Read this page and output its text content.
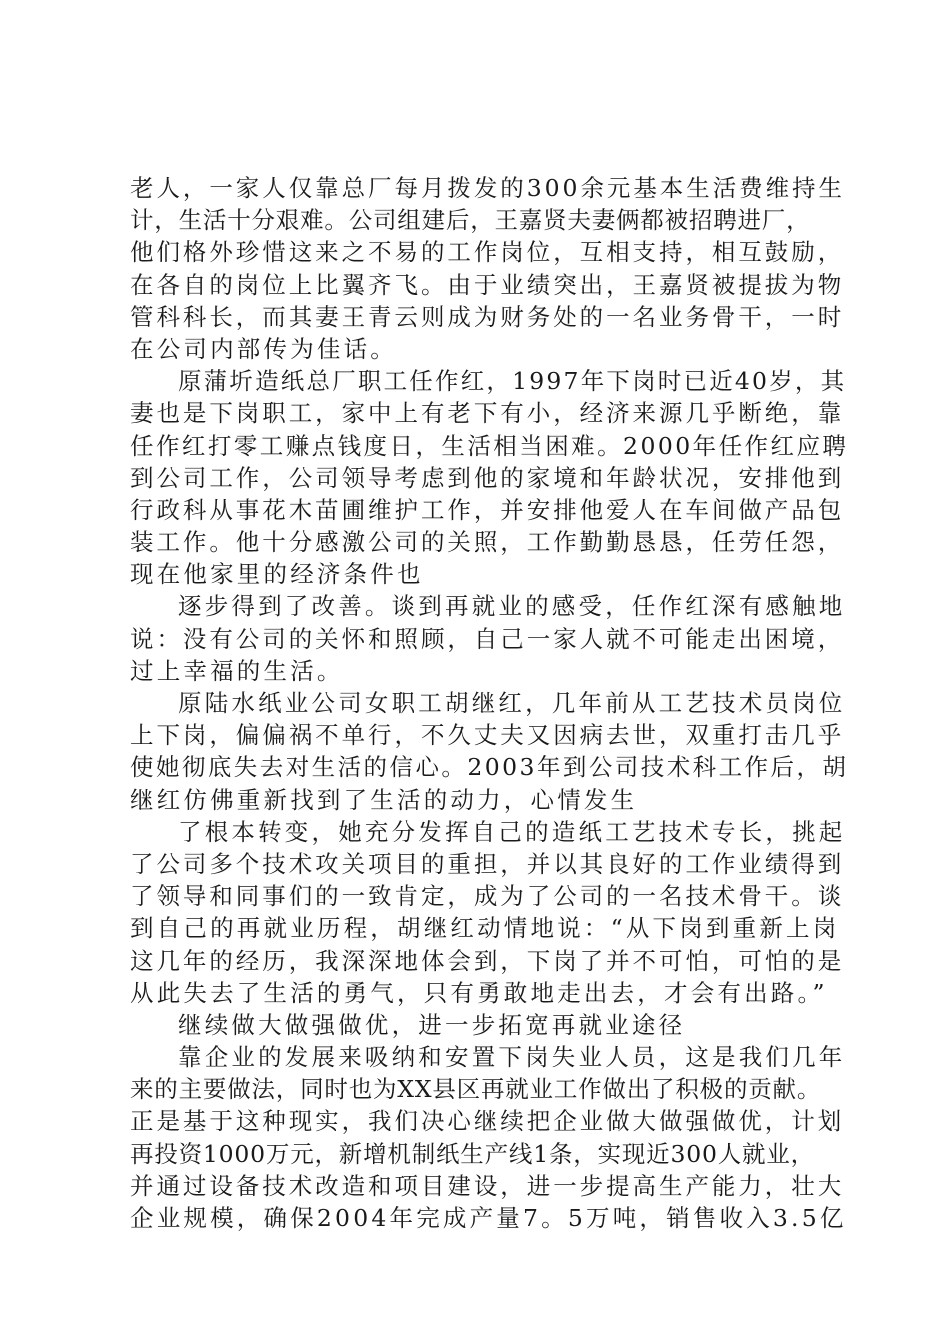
老人，一家人仅靠总厂每月拨发的300余元基本生活费维持生
计，生活十分艰难。公司组建后，王嘉贤夫妻俩都被招聘进厂，
他们格外珍惜这来之不易的工作岗位，互相支持，相互鼓励，
在各自的岗位上比翼齐飞。由于业绩突出，王嘉贤被提拔为物
管科科长，而其妻王青云则成为财务处的一名业务骨干，一时
在公司内部传为佳话。
原蒲圻造纸总厂职工任作红，1997年下岗时已近40岁，其
妻也是下岗职工，家中上有老下有小，经济来源几乎断绝，靠
任作红打零工赚点钱度日，生活相当困难。2000年任作红应聘
到公司工作，公司领导考虑到他的家境和年龄状况，安排他到
行政科从事花木苗圃维护工作，并安排他爱人在车间做产品包
装工作。他十分感激公司的关照，工作勤勤恳恳，任劳任怨，
现在他家里的经济条件也
逐步得到了改善。谈到再就业的感受，任作红深有感触地
说：没有公司的关怀和照顾，自己一家人就不可能走出困境，
过上幸福的生活。
原陆水纸业公司女职工胡继红，几年前从工艺技术员岗位
上下岗，偏偏祸不单行，不久丈夫又因病去世，双重打击几乎
使她彻底失去对生活的信心。2003年到公司技术科工作后，胡
继红仿佛重新找到了生活的动力，心情发生
了根本转变，她充分发挥自己的造纸工艺技术专长，挑起
了公司多个技术攻关项目的重担，并以其良好的工作业绩得到
了领导和同事们的一致肯定，成为了公司的一名技术骨干。谈
到自己的再就业历程，胡继红动情地说：“从下岗到重新上岗
这几年的经历，我深深地体会到，下岗了并不可怕，可怕的是
从此失去了生活的勇气，只有勇敢地走出去，才会有出路。”
继续做大做强做优，进一步拓宽再就业途径
靠企业的发展来吸纳和安置下岗失业人员，这是我们几年
来的主要做法，同时也为XX县区再就业工作做出了积极的贡献。
正是基于这种现实，我们决心继续把企业做大做强做优，计划
再投资1000万元，新增机制纸生产线1条，实现近300人就业，
并通过设备技术改造和项目建设，进一步提高生产能力，壮大
企业规模，确保2004年完成产量7。5万吨，销售收入3.5亿
